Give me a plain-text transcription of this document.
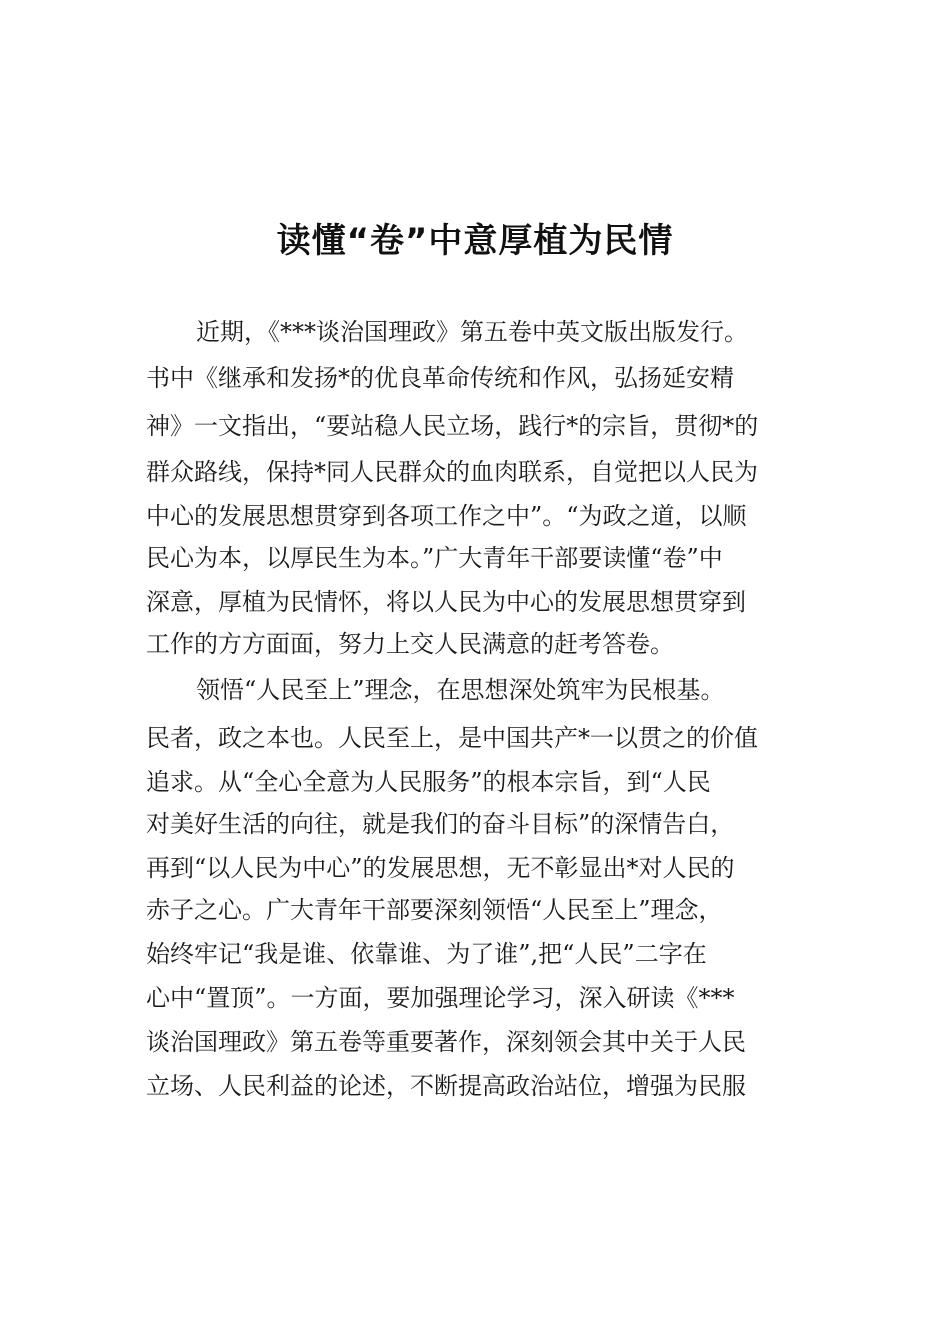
读懂“卷”中意厚植为民情
近期，《***谈治国理政》第五卷中英文版出版发行。
书中《继承和发扬*的优良革命传统和作风，弘扬延安精
神》一文指出，“要站稳人民立场，践行*的宗旨，贯彻*的
群众路线，保持*同人民群众的血肉联系，自觉把以人民为
中心的发展思想贯穿到各项工作之中”。“为政之道，以顺
民心为本，以厚民生为本。”广大青年干部要读懂“卷”中
深意，厚植为民情怀，将以人民为中心的发展思想贯穿到
工作的方方面面，努力上交人民满意的赶考答卷。
领悟“人民至上”理念，在思想深处筑牢为民根基。
民者，政之本也。人民至上，是中国共产*一以贯之的价值
追求。从“全心全意为人民服务”的根本宗旨，到“人民
对美好生活的向往，就是我们的奋斗目标”的深情告白，
再到“以人民为中心”的发展思想，无不彰显出*对人民的
赤子之心。广大青年干部要深刻领悟“人民至上”理念，
始终牢记“我是谁、依靠谁、为了谁”,把“人民”二字在
心中“置顶”。一方面，要加强理论学习，深入研读《***
谈治国理政》第五卷等重要著作，深刻领会其中关于人民
立场、人民利益的论述，不断提高政治站位，增强为民服
